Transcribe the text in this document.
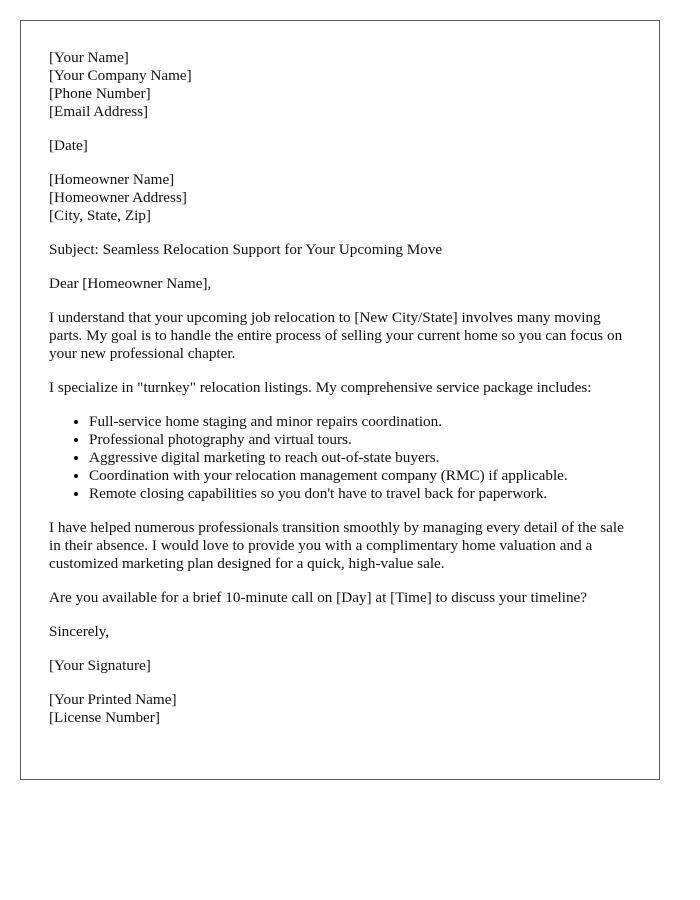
[Your Name]
[Your Company Name]
[Phone Number]
[Email Address]

[Date]

[Homeowner Name]
[Homeowner Address]
[City, State, Zip]

Subject: Seamless Relocation Support for Your Upcoming Move

Dear [Homeowner Name],

I understand that your upcoming job relocation to [New City/State] involves many moving parts. My goal is to handle the entire process of selling your current home so you can focus on your new professional chapter.

I specialize in "turnkey" relocation listings. My comprehensive service package includes:

• Full-service home staging and minor repairs coordination.
• Professional photography and virtual tours.
• Aggressive digital marketing to reach out-of-state buyers.
• Coordination with your relocation management company (RMC) if applicable.
• Remote closing capabilities so you don't have to travel back for paperwork.

I have helped numerous professionals transition smoothly by managing every detail of the sale in their absence. I would love to provide you with a complimentary home valuation and a customized marketing plan designed for a quick, high-value sale.

Are you available for a brief 10-minute call on [Day] at [Time] to discuss your timeline?

Sincerely,

[Your Signature]

[Your Printed Name]
[License Number]
